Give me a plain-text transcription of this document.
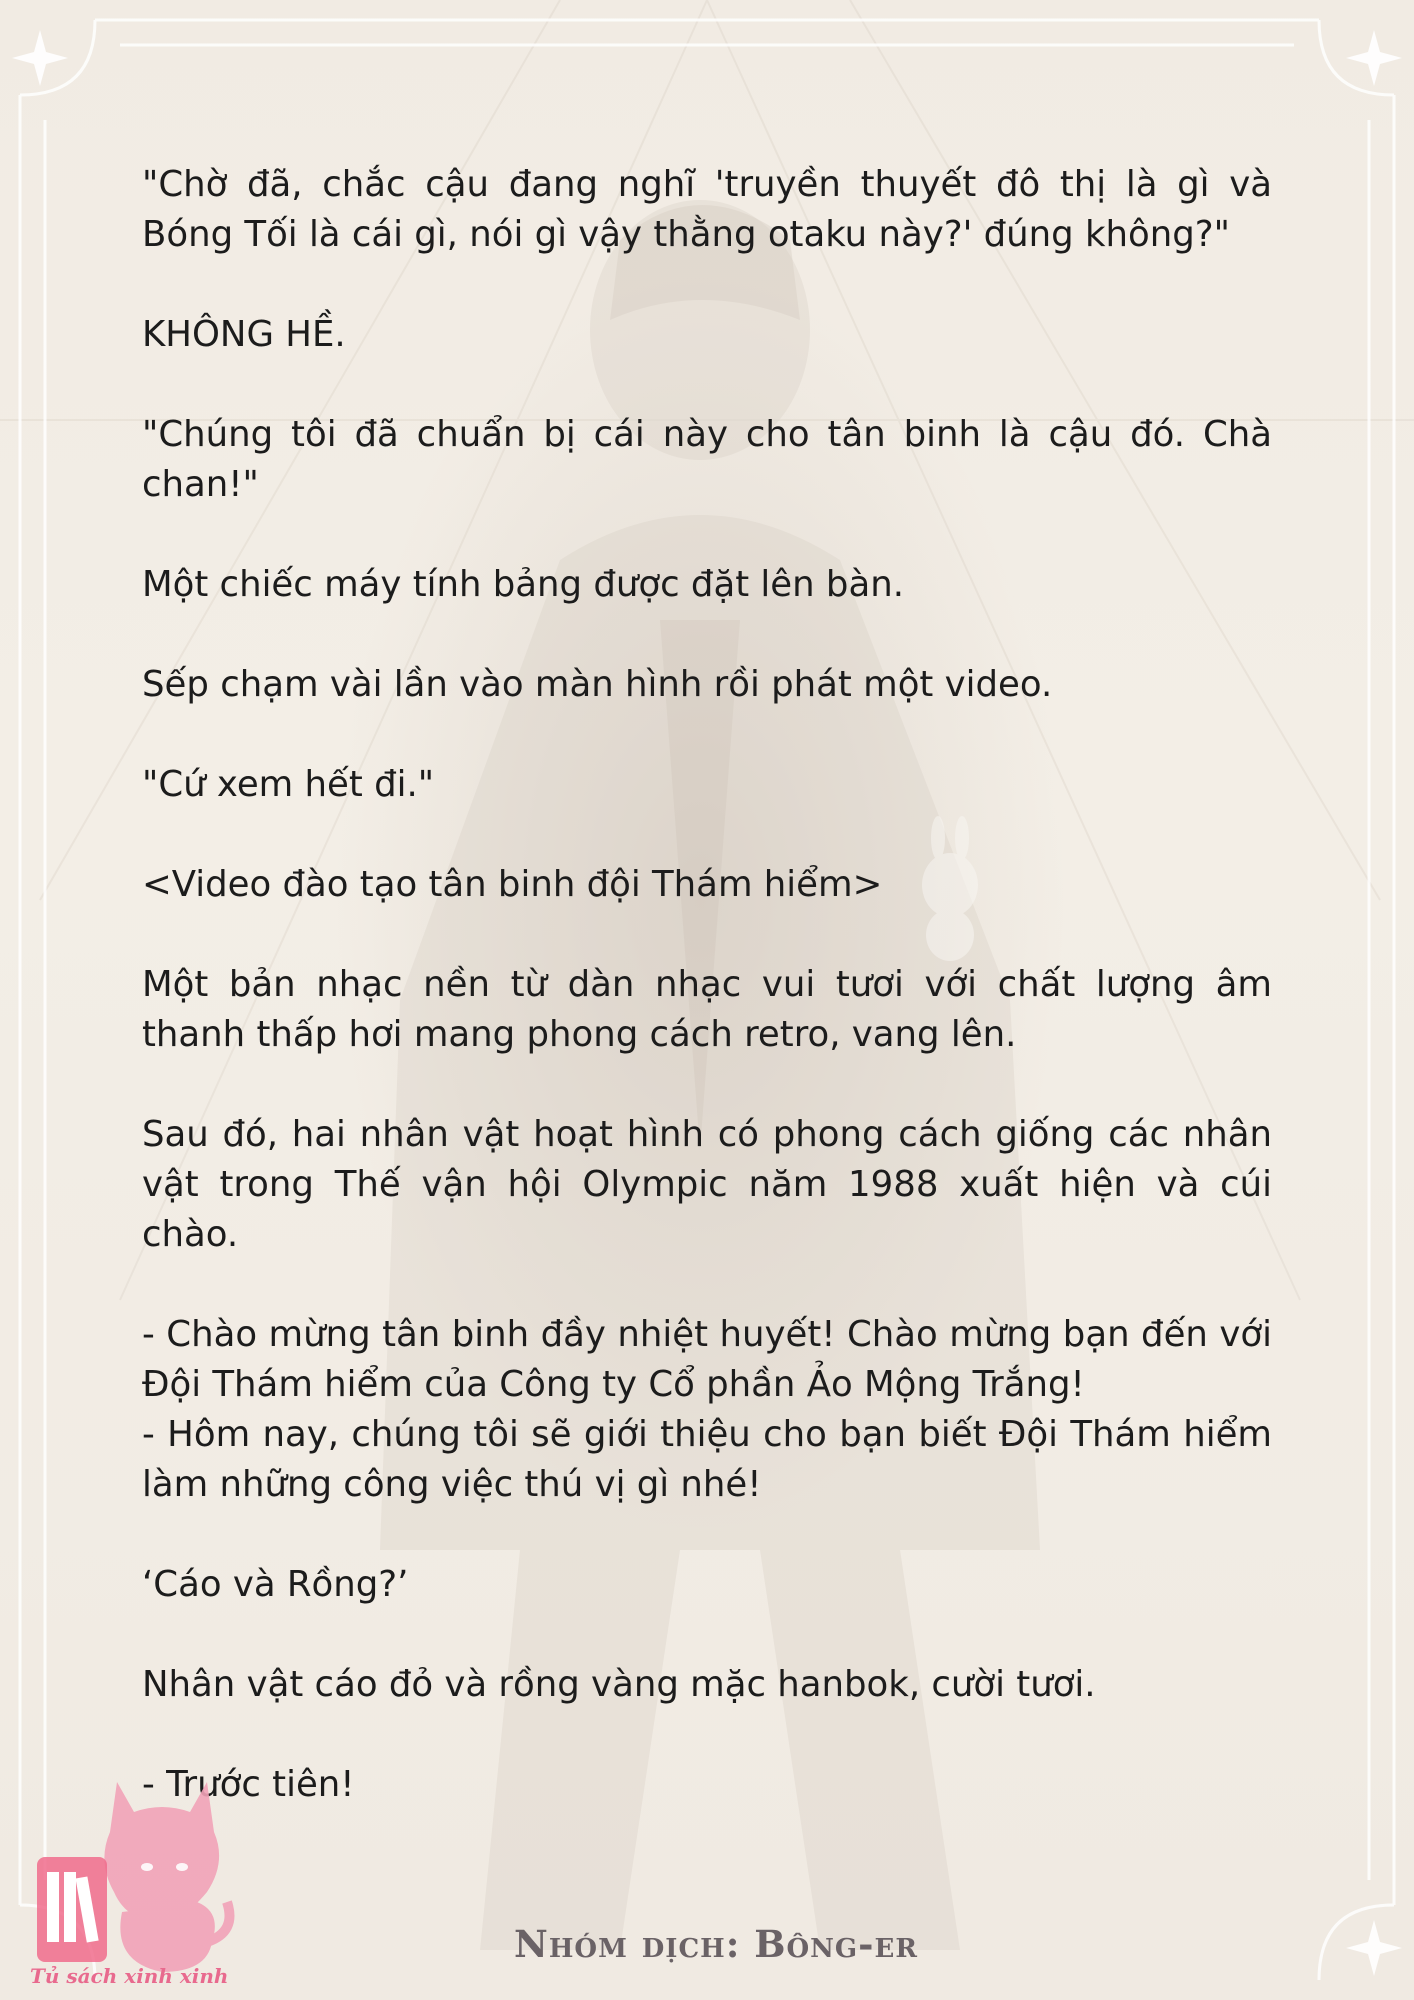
"Chờ đã, chắc cậu đang nghĩ 'truyền thuyết đô thị là gì và Bóng Tối là cái gì, nói gì vậy thằng otaku này?' đúng không?"

KHÔNG HỀ.

"Chúng tôi đã chuẩn bị cái này cho tân binh là cậu đó. Chà chan!"

Một chiếc máy tính bảng được đặt lên bàn.

Sếp chạm vài lần vào màn hình rồi phát một video.

"Cứ xem hết đi."

<Video đào tạo tân binh đội Thám hiểm>

Một bản nhạc nền từ dàn nhạc vui tươi với chất lượng âm thanh thấp hơi mang phong cách retro, vang lên.

Sau đó, hai nhân vật hoạt hình có phong cách giống các nhân vật trong Thế vận hội Olympic năm 1988 xuất hiện và cúi chào.

- Chào mừng tân binh đầy nhiệt huyết! Chào mừng bạn đến với Đội Thám hiểm của Công ty Cổ phần Ảo Mộng Trắng!
- Hôm nay, chúng tôi sẽ giới thiệu cho bạn biết Đội Thám hiểm làm những công việc thú vị gì nhé!

‘Cáo và Rồng?’

Nhân vật cáo đỏ và rồng vàng mặc hanbok, cười tươi.

- Trước tiên!

Tủ sách xinh xinh
Nhóm dịch: Bông-er
